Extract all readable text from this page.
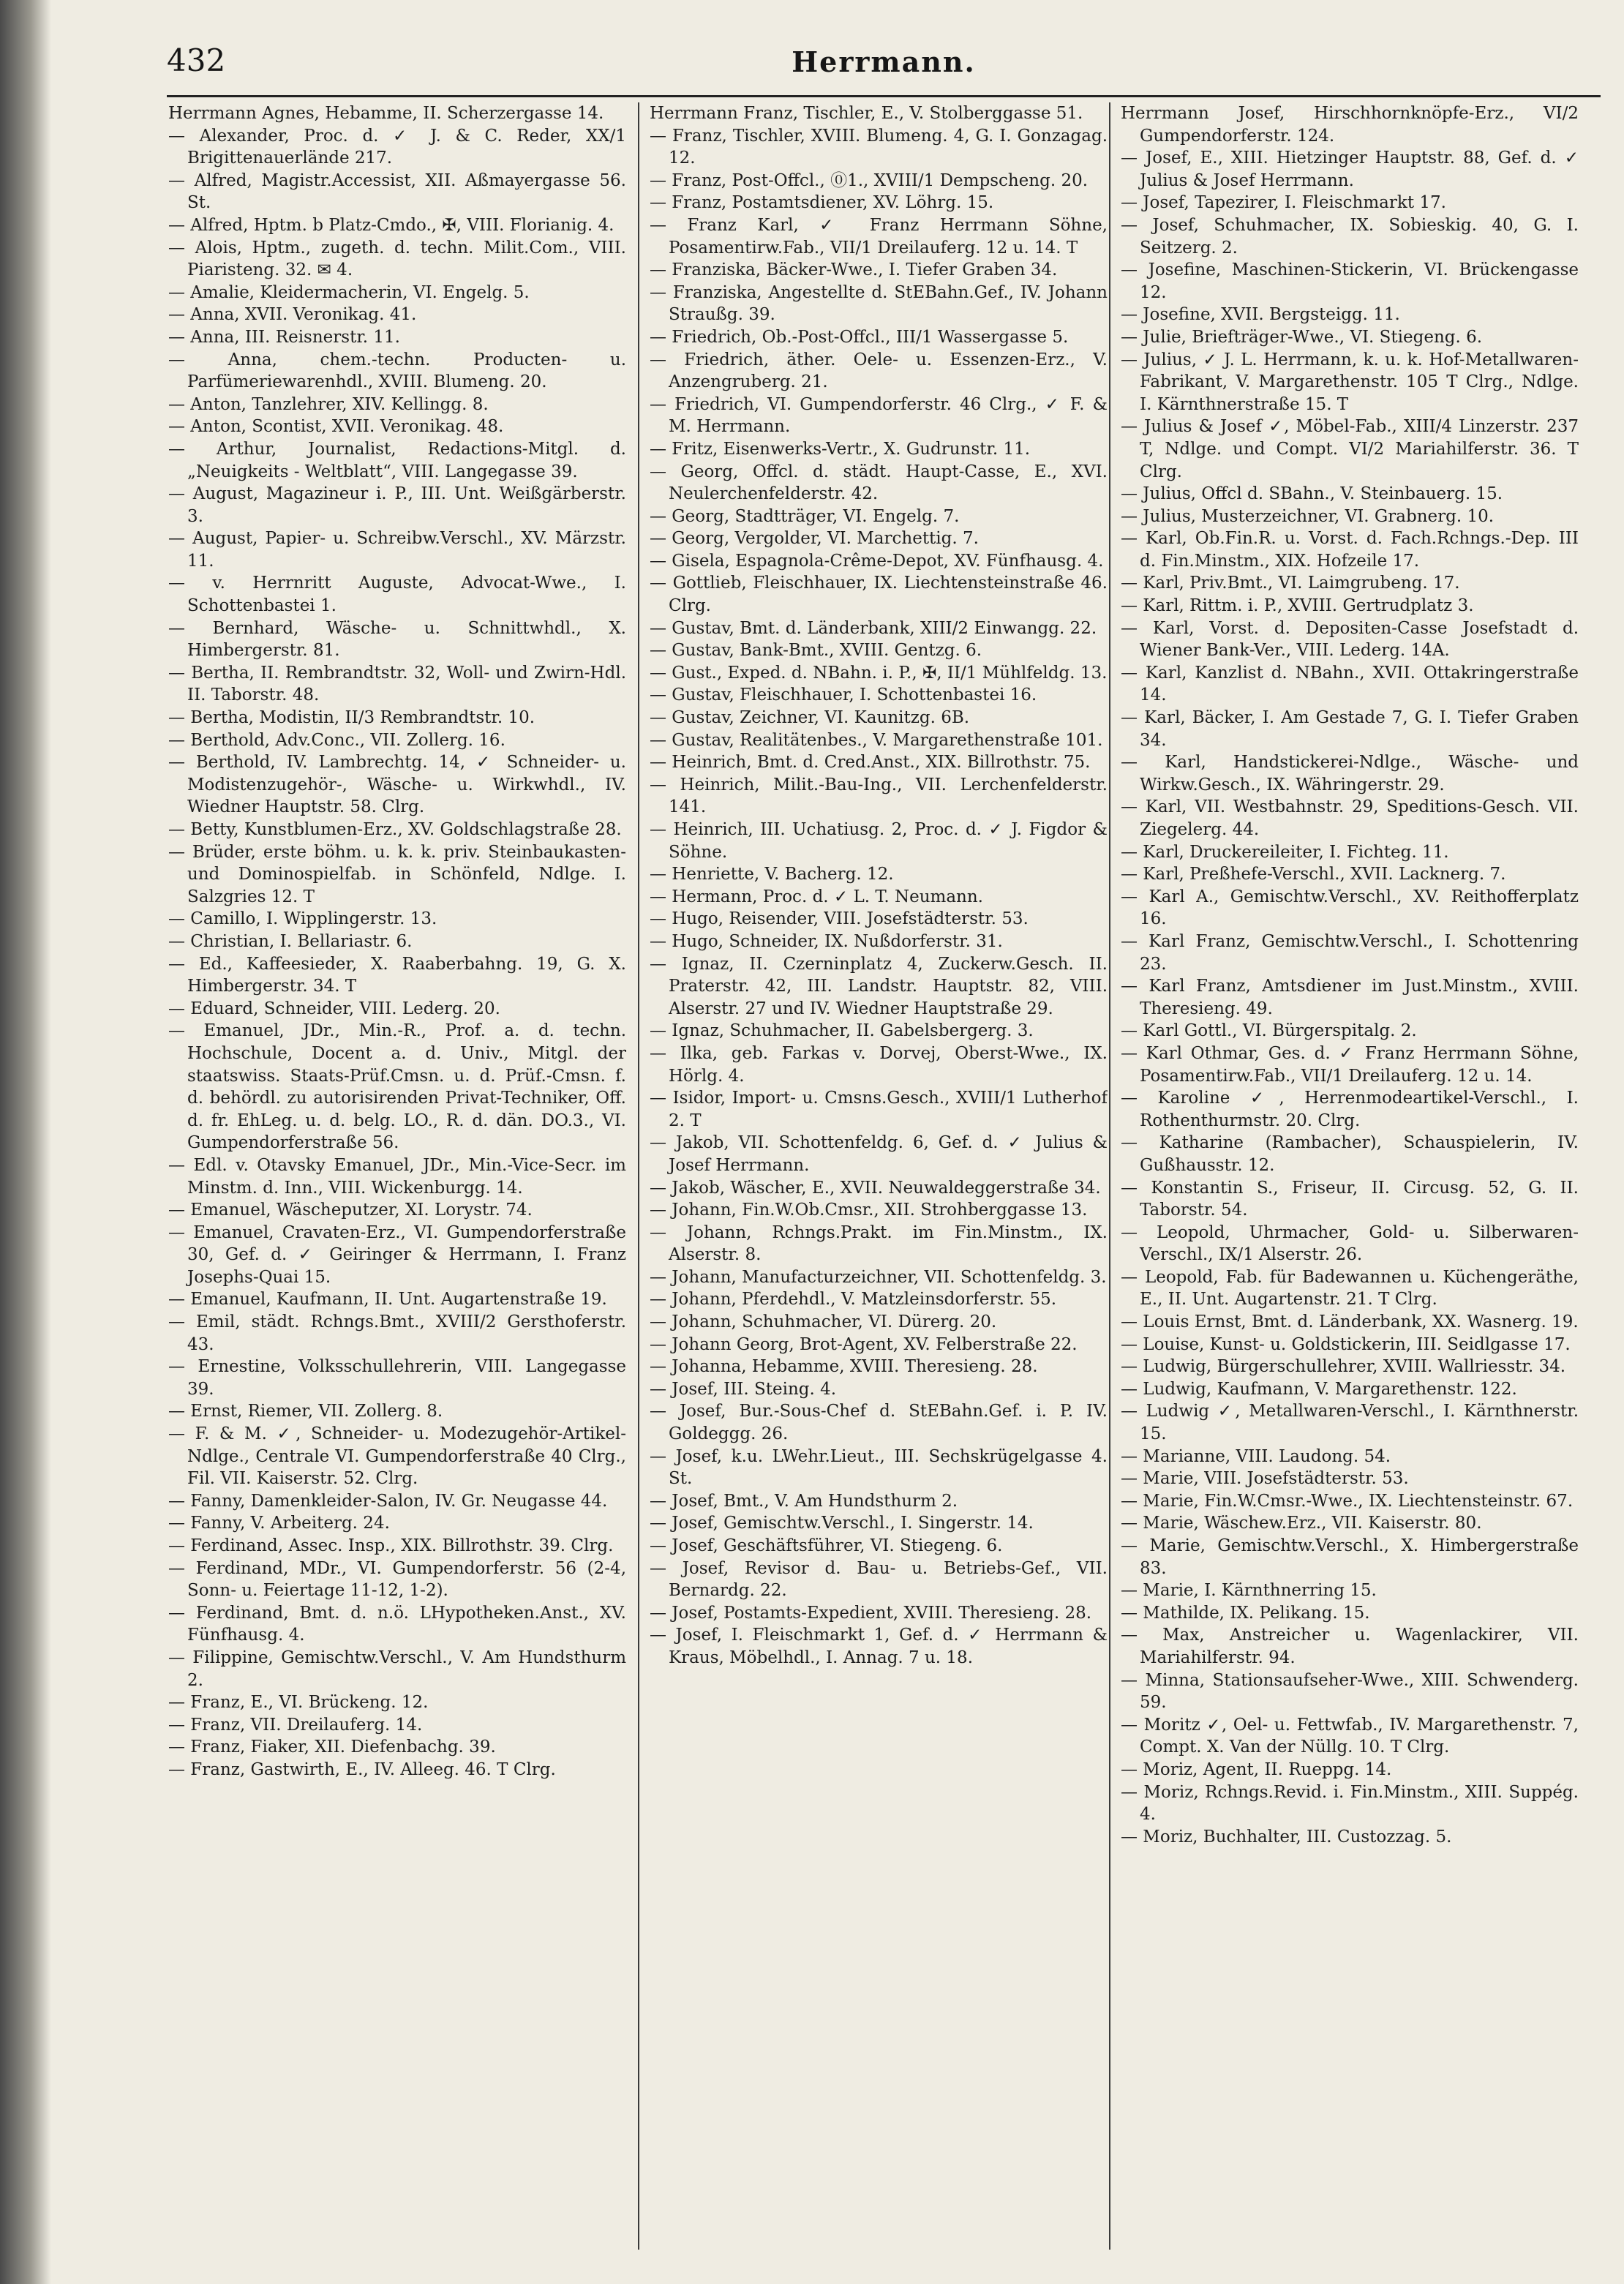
432	Herrmann.

Herrmann Agnes, Hebamme, II. Scherzergasse 14.

— Alexander, Proc. d. ✓ J. & C. Reder, XX/1 Brigittenauerlände 217.

— Alfred, Magistr.Accessist, XII. Aßmayergasse 56. St.

— Alfred, Hptm. b Platz-Cmdo., ✠, VIII. Florianig. 4.

— Alois, Hptm., zugeth. d. techn. Milit.Com., VIII. Piaristeng. 32. ✉ 4.

— Amalie, Kleidermacherin, VI. Engelg. 5.

— Anna, XVII. Veronikag. 41.

— Anna, III. Reisnerstr. 11.

— Anna, chem.-techn. Producten- u. Parfümeriewarenhdl., XVIII. Blumeng. 20.

— Anton, Tanzlehrer, XIV. Kellingg. 8.

— Anton, Scontist, XVII. Veronikag. 48.

— Arthur, Journalist, Redactions-Mitgl. d. „Neuigkeits - Weltblatt“, VIII. Langegasse 39.

— August, Magazineur i. P., III. Unt. Weißgärberstr. 3.

— August, Papier- u. Schreibw.Verschl., XV. Märzstr. 11.

— v. Herrnritt Auguste, Advocat-Wwe., I. Schottenbastei 1.

— Bernhard, Wäsche- u. Schnittwhdl., X. Himbergerstr. 81.

— Bertha, II. Rembrandtstr. 32, Woll- und Zwirn-Hdl. II. Taborstr. 48.

— Bertha, Modistin, II/3 Rembrandtstr. 10.

— Berthold, Adv.Conc., VII. Zollerg. 16.

— Berthold, IV. Lambrechtg. 14, ✓ Schneider- u. Modistenzugehör-, Wäsche- u. Wirkwhdl., IV. Wiedner Hauptstr. 58. Clrg.

— Betty, Kunstblumen-Erz., XV. Goldschlagstraße 28.

— Brüder, erste böhm. u. k. k. priv. Steinbaukasten- und Dominospielfab. in Schönfeld, Ndlge. I. Salzgries 12. T

— Camillo, I. Wipplingerstr. 13.

— Christian, I. Bellariastr. 6.

— Ed., Kaffeesieder, X. Raaberbahng. 19, G. X. Himbergerstr. 34. T

— Eduard, Schneider, VIII. Lederg. 20.

— Emanuel, JDr., Min.-R., Prof. a. d. techn. Hochschule, Docent a. d. Univ., Mitgl. der staatswiss. Staats-Prüf.Cmsn. u. d. Prüf.-Cmsn. f. d. behördl. zu autorisirenden Privat-Techniker, Off. d. fr. EhLeg. u. d. belg. LO., R. d. dän. DO.3., VI. Gumpendorferstraße 56.

— Edl. v. Otavsky Emanuel, JDr., Min.-Vice-Secr. im Minstm. d. Inn., VIII. Wickenburgg. 14.

— Emanuel, Wäscheputzer, XI. Lorystr. 74.

— Emanuel, Cravaten-Erz., VI. Gumpendorferstraße 30, Gef. d. ✓ Geiringer & Herrmann, I. Franz Josephs-Quai 15.

— Emanuel, Kaufmann, II. Unt. Augartenstraße 19.

— Emil, städt. Rchngs.Bmt., XVIII/2 Gersthoferstr. 43.

— Ernestine, Volksschullehrerin, VIII. Langegasse 39.

— Ernst, Riemer, VII. Zollerg. 8.

— F. & M. ✓, Schneider- u. Modezugehör-Artikel-Ndlge., Centrale VI. Gumpendorferstraße 40 Clrg., Fil. VII. Kaiserstr. 52. Clrg.

— Fanny, Damenkleider-Salon, IV. Gr. Neugasse 44.

— Fanny, V. Arbeiterg. 24.

— Ferdinand, Assec. Insp., XIX. Billrothstr. 39. Clrg.

— Ferdinand, MDr., VI. Gumpendorferstr. 56 (2-4, Sonn- u. Feiertage 11-12, 1-2).

— Ferdinand, Bmt. d. n.ö. LHypotheken.Anst., XV. Fünfhausg. 4.

— Filippine, Gemischtw.Verschl., V. Am Hundsthurm 2.

— Franz, E., VI. Brückeng. 12.

— Franz, VII. Dreilauferg. 14.

— Franz, Fiaker, XII. Diefenbachg. 39.

— Franz, Gastwirth, E., IV. Alleeg. 46. T Clrg.

Herrmann Franz, Tischler, E., V. Stolberggasse 51.

— Franz, Tischler, XVIII. Blumeng. 4, G. I. Gonzagag. 12.

— Franz, Post-Offcl., ⓪1., XVIII/1 Dempscheng. 20.

— Franz, Postamtsdiener, XV. Löhrg. 15.

— Franz Karl, ✓ Franz Herrmann Söhne, Posamentirw.Fab., VII/1 Dreilauferg. 12 u. 14. T

— Franziska, Bäcker-Wwe., I. Tiefer Graben 34.

— Franziska, Angestellte d. StEBahn.Gef., IV. Johann Straußg. 39.

— Friedrich, Ob.-Post-Offcl., III/1 Wassergasse 5.

— Friedrich, äther. Oele- u. Essenzen-Erz., V. Anzengruberg. 21.

— Friedrich, VI. Gumpendorferstr. 46 Clrg., ✓ F. & M. Herrmann.

— Fritz, Eisenwerks-Vertr., X. Gudrunstr. 11.

— Georg, Offcl. d. städt. Haupt-Casse, E., XVI. Neulerchenfelderstr. 42.

— Georg, Stadtträger, VI. Engelg. 7.

— Georg, Vergolder, VI. Marchettig. 7.

— Gisela, Espagnola-Crême-Depot, XV. Fünfhausg. 4.

— Gottlieb, Fleischhauer, IX. Liechtensteinstraße 46. Clrg.

— Gustav, Bmt. d. Länderbank, XIII/2 Einwangg. 22.

— Gustav, Bank-Bmt., XVIII. Gentzg. 6.

— Gust., Exped. d. NBahn. i. P., ✠, II/1 Mühlfeldg. 13.

— Gustav, Fleischhauer, I. Schottenbastei 16.

— Gustav, Zeichner, VI. Kaunitzg. 6B.

— Gustav, Realitätenbes., V. Margarethenstraße 101.

— Heinrich, Bmt. d. Cred.Anst., XIX. Billrothstr. 75.

— Heinrich, Milit.-Bau-Ing., VII. Lerchenfelderstr. 141.

— Heinrich, III. Uchatiusg. 2, Proc. d. ✓ J. Figdor & Söhne.

— Henriette, V. Bacherg. 12.

— Hermann, Proc. d. ✓ L. T. Neumann.

— Hugo, Reisender, VIII. Josefstädterstr. 53.

— Hugo, Schneider, IX. Nußdorferstr. 31.

— Ignaz, II. Czerninplatz 4, Zuckerw.Gesch. II. Praterstr. 42, III. Landstr. Hauptstr. 82, VIII. Alserstr. 27 und IV. Wiedner Hauptstraße 29.

— Ignaz, Schuhmacher, II. Gabelsbergerg. 3.

— Ilka, geb. Farkas v. Dorvej, Oberst-Wwe., IX. Hörlg. 4.

— Isidor, Import- u. Cmsns.Gesch., XVIII/1 Lutherhof 2. T

— Jakob, VII. Schottenfeldg. 6, Gef. d. ✓ Julius & Josef Herrmann.

— Jakob, Wäscher, E., XVII. Neuwaldeggerstraße 34.

— Johann, Fin.W.Ob.Cmsr., XII. Strohberggasse 13.

— Johann, Rchngs.Prakt. im Fin.Minstm., IX. Alserstr. 8.

— Johann, Manufacturzeichner, VII. Schottenfeldg. 3.

— Johann, Pferdehdl., V. Matzleinsdorferstr. 55.

— Johann, Schuhmacher, VI. Dürerg. 20.

— Johann Georg, Brot-Agent, XV. Felberstraße 22.

— Johanna, Hebamme, XVIII. Theresieng. 28.

— Josef, III. Steing. 4.

— Josef, Bur.-Sous-Chef d. StEBahn.Gef. i. P. IV. Goldeggg. 26.

— Josef, k.u. LWehr.Lieut., III. Sechskrügelgasse 4. St.

— Josef, Bmt., V. Am Hundsthurm 2.

— Josef, Gemischtw.Verschl., I. Singerstr. 14.

— Josef, Geschäftsführer, VI. Stiegeng. 6.

— Josef, Revisor d. Bau- u. Betriebs-Gef., VII. Bernardg. 22.

— Josef, Postamts-Expedient, XVIII. Theresieng. 28.

— Josef, I. Fleischmarkt 1, Gef. d. ✓ Herrmann & Kraus, Möbelhdl., I. Annag. 7 u. 18.

Herrmann Josef, Hirschhornknöpfe-Erz., VI/2 Gumpendorferstr. 124.

— Josef, E., XIII. Hietzinger Hauptstr. 88, Gef. d. ✓ Julius & Josef Herrmann.

— Josef, Tapezirer, I. Fleischmarkt 17.

— Josef, Schuhmacher, IX. Sobieskig. 40, G. I. Seitzerg. 2.

— Josefine, Maschinen-Stickerin, VI. Brückengasse 12.

— Josefine, XVII. Bergsteigg. 11.

— Julie, Briefträger-Wwe., VI. Stiegeng. 6.

— Julius, ✓ J. L. Herrmann, k. u. k. Hof-Metallwaren-Fabrikant, V. Margarethenstr. 105 T Clrg., Ndlge. I. Kärnthnerstraße 15. T

— Julius & Josef ✓, Möbel-Fab., XIII/4 Linzerstr. 237 T, Ndlge. und Compt. VI/2 Mariahilferstr. 36. T Clrg.

— Julius, Offcl d. SBahn., V. Steinbauerg. 15.

— Julius, Musterzeichner, VI. Grabnerg. 10.

— Karl, Ob.Fin.R. u. Vorst. d. Fach.Rchngs.-Dep. III d. Fin.Minstm., XIX. Hofzeile 17.

— Karl, Priv.Bmt., VI. Laimgrubeng. 17.

— Karl, Rittm. i. P., XVIII. Gertrudplatz 3.

— Karl, Vorst. d. Depositen-Casse Josefstadt d. Wiener Bank-Ver., VIII. Lederg. 14A.

— Karl, Kanzlist d. NBahn., XVII. Ottakringerstraße 14.

— Karl, Bäcker, I. Am Gestade 7, G. I. Tiefer Graben 34.

— Karl, Handstickerei-Ndlge., Wäsche- und Wirkw.Gesch., IX. Währingerstr. 29.

— Karl, VII. Westbahnstr. 29, Speditions-Gesch. VII. Ziegelerg. 44.

— Karl, Druckereileiter, I. Fichteg. 11.

— Karl, Preßhefe-Verschl., XVII. Lacknerg. 7.

— Karl A., Gemischtw.Verschl., XV. Reithofferplatz 16.

— Karl Franz, Gemischtw.Verschl., I. Schottenring 23.

— Karl Franz, Amtsdiener im Just.Minstm., XVIII. Theresieng. 49.

— Karl Gottl., VI. Bürgerspitalg. 2.

— Karl Othmar, Ges. d. ✓ Franz Herrmann Söhne, Posamentirw.Fab., VII/1 Dreilauferg. 12 u. 14.

— Karoline ✓, Herrenmodeartikel-Verschl., I. Rothenthurmstr. 20. Clrg.

— Katharine (Rambacher), Schauspielerin, IV. Gußhausstr. 12.

— Konstantin S., Friseur, II. Circusg. 52, G. II. Taborstr. 54.

— Leopold, Uhrmacher, Gold- u. Silberwaren-Verschl., IX/1 Alserstr. 26.

— Leopold, Fab. für Badewannen u. Küchengeräthe, E., II. Unt. Augartenstr. 21. T Clrg.

— Louis Ernst, Bmt. d. Länderbank, XX. Wasnerg. 19.

— Louise, Kunst- u. Goldstickerin, III. Seidlgasse 17.

— Ludwig, Bürgerschullehrer, XVIII. Wallriesstr. 34.

— Ludwig, Kaufmann, V. Margarethenstr. 122.

— Ludwig ✓, Metallwaren-Verschl., I. Kärnthnerstr. 15.

— Marianne, VIII. Laudong. 54.

— Marie, VIII. Josefstädterstr. 53.

— Marie, Fin.W.Cmsr.-Wwe., IX. Liechtensteinstr. 67.

— Marie, Wäschew.Erz., VII. Kaiserstr. 80.

— Marie, Gemischtw.Verschl., X. Himbergerstraße 83.

— Marie, I. Kärnthnerring 15.

— Mathilde, IX. Pelikang. 15.

— Max, Anstreicher u. Wagenlackirer, VII. Mariahilferstr. 94.

— Minna, Stationsaufseher-Wwe., XIII. Schwenderg. 59.

— Moritz ✓, Oel- u. Fettwfab., IV. Margarethenstr. 7, Compt. X. Van der Nüllg. 10. T Clrg.

— Moriz, Agent, II. Rueppg. 14.

— Moriz, Rchngs.Revid. i. Fin.Minstm., XIII. Suppég. 4.

— Moriz, Buchhalter, III. Custozzag. 5.
